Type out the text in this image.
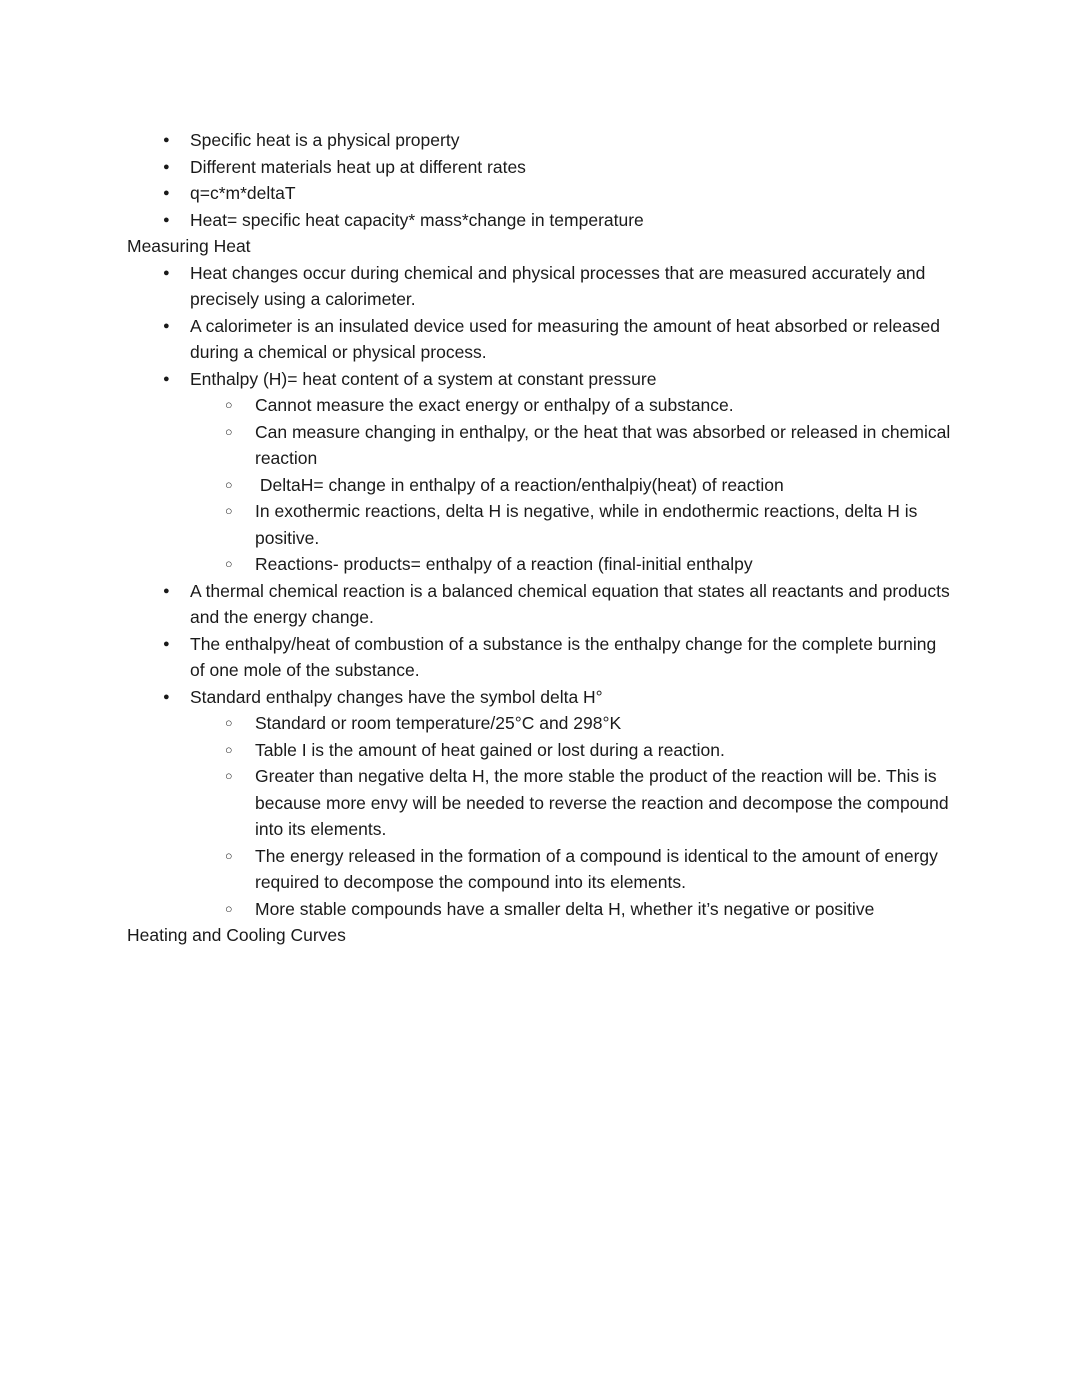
●	Specific heat is a physical property
●	Different materials heat up at different rates
●	q=c*m*deltaT
●	Heat= specific heat capacity* mass*change in temperature
Measuring Heat
●	Heat changes occur during chemical and physical processes that are measured accurately and precisely using a calorimeter.
●	A calorimeter is an insulated device used for measuring the amount of heat absorbed or released during a chemical or physical process.
●	Enthalpy (H)= heat content of a system at constant pressure
○	Cannot measure the exact energy or enthalpy of a substance.
○	Can measure changing in enthalpy, or the heat that was absorbed or released in chemical reaction
○	DeltaH= change in enthalpy of a reaction/enthalpiy(heat) of reaction
○	In exothermic reactions, delta H is negative, while in endothermic reactions, delta H is positive.
○	Reactions- products= enthalpy of a reaction (final-initial enthalpy
●	A thermal chemical reaction is a balanced chemical equation that states all reactants and products and the energy change.
●	The enthalpy/heat of combustion of a substance is the enthalpy change for the complete burning of one mole of the substance.
●	Standard enthalpy changes have the symbol delta H°
○	Standard or room temperature/25°C and 298°K
○	Table I is the amount of heat gained or lost during a reaction.
○	Greater than negative delta H, the more stable the product of the reaction will be. This is because more envy will be needed to reverse the reaction and decompose the compound into its elements.
○	The energy released in the formation of a compound is identical to the amount of energy required to decompose the compound into its elements.
○	More stable compounds have a smaller delta H, whether it’s negative or positive
Heating and Cooling Curves
